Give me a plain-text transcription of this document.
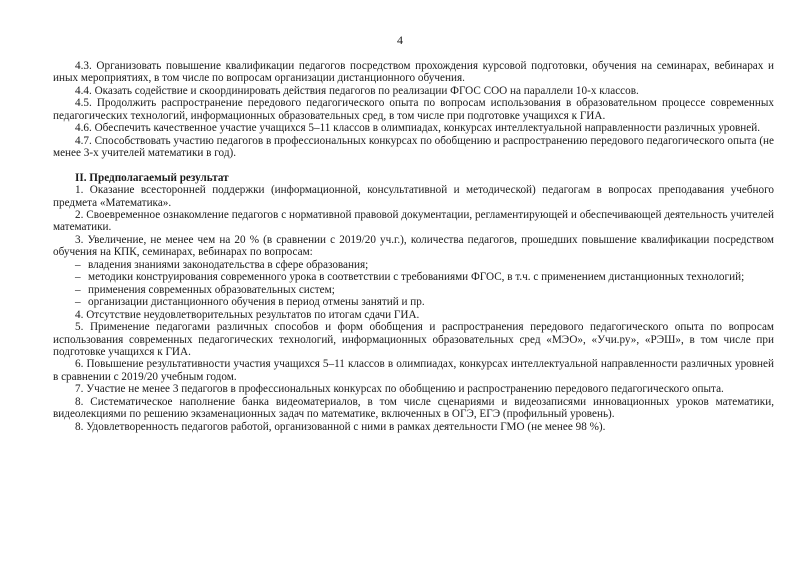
4

4.3. Организовать повышение квалификации педагогов посредством прохождения курсовой подготовки, обучения на семинарах, вебинарах и иных мероприятиях, в том числе по вопросам организации дистанционного обучения.

4.4. Оказать содействие и скоординировать действия педагогов по реализации ФГОС СОО на параллели 10-х классов.

4.5. Продолжить распространение передового педагогического опыта по вопросам использования в образовательном процессе современных педагогических технологий, информационных образовательных сред, в том числе при подготовке учащихся к ГИА.

4.6. Обеспечить качественное участие учащихся 5–11 классов в олимпиадах, конкурсах интеллектуальной направленности различных уровней.

4.7. Способствовать участию педагогов в профессиональных конкурсах по обобщению и распространению передового педагогического опыта (не менее 3-х учителей математики в год).

II. Предполагаемый результат

1. Оказание всесторонней поддержки (информационной, консультативной и методической) педагогам в вопросах преподавания учебного предмета «Математика».

2. Своевременное ознакомление педагогов с нормативной правовой документации, регламентирующей и обеспечивающей деятельность учителей математики.

3. Увеличение, не менее чем на 20 % (в сравнении с 2019/20 уч.г.), количества педагогов, прошедших повышение квалификации посредством обучения на КПК, семинарах, вебинарах по вопросам:

– владения знаниями законодательства в сфере образования;
– методики конструирования современного урока в соответствии с требованиями ФГОС, в т.ч. с применением дистанционных технологий;
– применения современных образовательных систем;
– организации дистанционного обучения в период отмены занятий и пр.

4. Отсутствие неудовлетворительных результатов по итогам сдачи ГИА.

5. Применение педагогами различных способов и форм обобщения и распространения передового педагогического опыта по вопросам использования современных педагогических технологий, информационных образовательных сред «МЭО», «Учи.ру», «РЭШ», в том числе при подготовке учащихся к ГИА.

6. Повышение результативности участия учащихся 5–11 классов в олимпиадах, конкурсах интеллектуальной направленности различных уровней в сравнении с 2019/20 учебным годом.

7. Участие не менее 3 педагогов в профессиональных конкурсах по обобщению и распространению передового педагогического опыта.

8. Систематическое наполнение банка видеоматериалов, в том числе сценариями и видеозаписями инновационных уроков математики, видеолекциями по решению экзаменационных задач по математике, включенных в ОГЭ, ЕГЭ (профильный уровень).

8. Удовлетворенность педагогов работой, организованной с ними в рамках деятельности ГМО (не менее 98 %).
